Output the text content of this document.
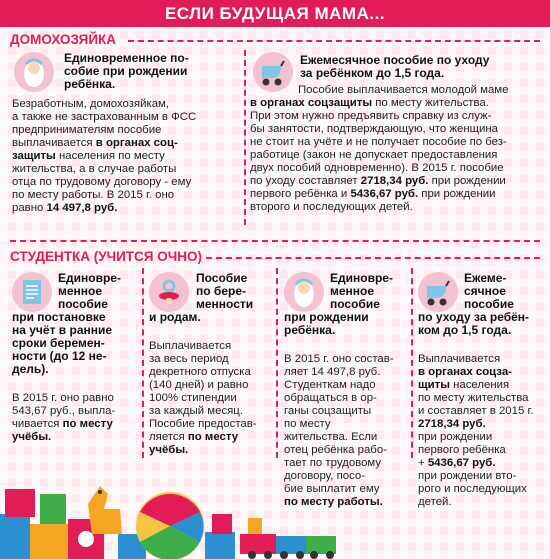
ЕСЛИ БУДУЩАЯ МАМА...
ДОМОХОЗЯЙКА
Единовременное по-
собие при рождении
ребёнка.
Безработным, домохозяйкам,
а также не застрахованным в ФСС
предпринимателям пособие
выплачивается в органах соц-
защиты населения по месту
жительства, а в случае работы
отца по трудовому договору - ему
по месту работы. В 2015 г. оно
равно 14 497,8 руб.
Ежемесячное пособие по уходу
за ребёнком до 1,5 года.
Пособие выплачивается молодой маме
в органах соцзащиты по месту жительства.
При этом нужно предъявить справку из служ-
бы занятости, подтверждающую, что женщина
не стоит на учёте и не получает пособие по без-
работице (закон не допускает предоставления
двух пособий одновременно). В 2015 г. пособие
по уходу составляет 2718,34 руб. при рождении
первого ребёнка и 5436,67 руб. при рождении
второго и последующих детей.
СТУДЕНТКА (УЧИТСЯ ОЧНО)
Единовре-
менное
пособие
при постановке
на учёт в ранние
сроки беремен-
ности (до 12 не-
дель).
В 2015 г. оно равно
543,67 руб., выпла-
чивается по месту
учёбы.
Пособие
по бере-
менности
и родам.
Выплачивается
за весь период
декретного отпуска
(140 дней) и равно
100% стипендии
за каждый месяц.
Пособие предостав-
ляется по месту
учёбы.
Единовре-
менное
пособие
при рождении
ребёнка.
В 2015 г. оно состав-
ляет 14 497,8 руб.
Студенткам надо
обращаться в ор-
ганы соцзащиты
по месту
жительства. Если
отец ребёнка рабо-
тает по трудовому
договору, посо-
бие выплатит ему
по месту работы.
Ежеме-
сячное
пособие
по уходу за ребён-
ком до 1,5 года.
Выплачивается
в органах соцза-
щиты населения
по месту жительства
и составляет в 2015 г.
2718,34 руб.
при рождении
первого ребёнка
+ 5436,67 руб.
при рождении вто-
рого и последующих
детей.
